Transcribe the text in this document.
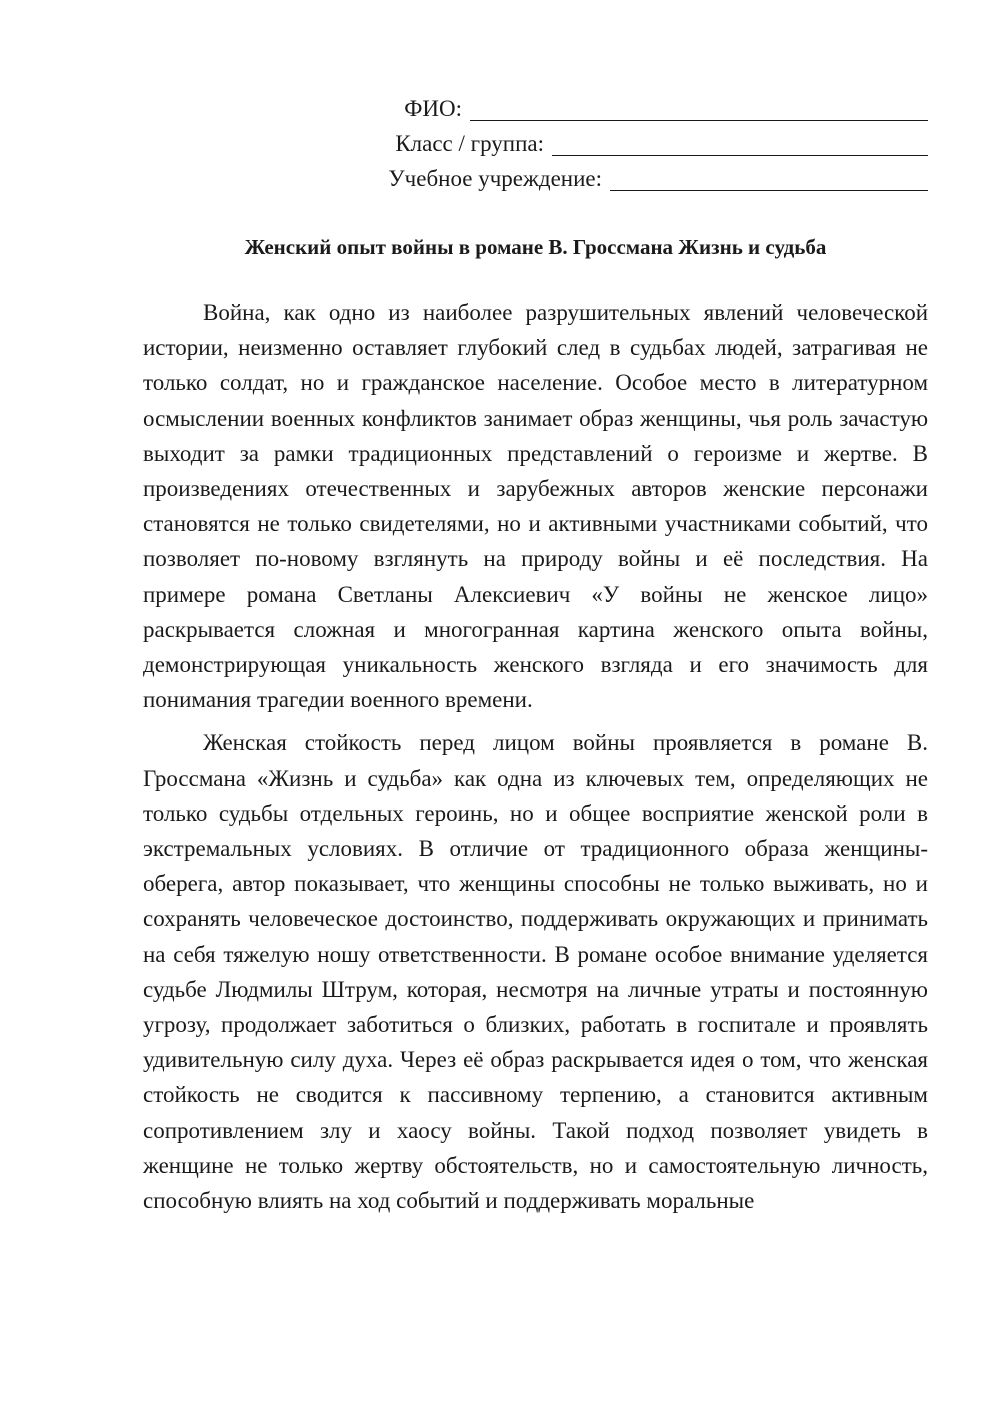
ФИО:
Класс / группа:
Учебное учреждение:
Женский опыт войны в романе В. Гроссмана Жизнь и судьба

Война, как одно из наиболее разрушительных явлений человеческой истории, неизменно оставляет глубокий след в судьбах людей, затрагивая не только солдат, но и гражданское население. Особое место в литературном осмыслении военных конфликтов занимает образ женщины, чья роль зачастую выходит за рамки традиционных представлений о героизме и жертве. В произведениях отечественных и зарубежных авторов женские персонажи становятся не только свидетелями, но и активными участниками событий, что позволяет по-новому взглянуть на природу войны и её последствия. На примере романа Светланы Алексиевич «У войны не женское лицо» раскрывается сложная и многогранная картина женского опыта войны, демонстрирующая уникальность женского взгляда и его значимость для понимания трагедии военного времени.

Женская стойкость перед лицом войны проявляется в романе В. Гроссмана «Жизнь и судьба» как одна из ключевых тем, определяющих не только судьбы отдельных героинь, но и общее восприятие женской роли в экстремальных условиях. В отличие от традиционного образа женщины-оберега, автор показывает, что женщины способны не только выживать, но и сохранять человеческое достоинство, поддерживать окружающих и принимать на себя тяжелую ношу ответственности. В романе особое внимание уделяется судьбе Людмилы Штрум, которая, несмотря на личные утраты и постоянную угрозу, продолжает заботиться о близких, работать в госпитале и проявлять удивительную силу духа. Через её образ раскрывается идея о том, что женская стойкость не сводится к пассивному терпению, а становится активным сопротивлением злу и хаосу войны. Такой подход позволяет увидеть в женщине не только жертву обстоятельств, но и самостоятельную личность, способную влиять на ход событий и поддерживать моральные
